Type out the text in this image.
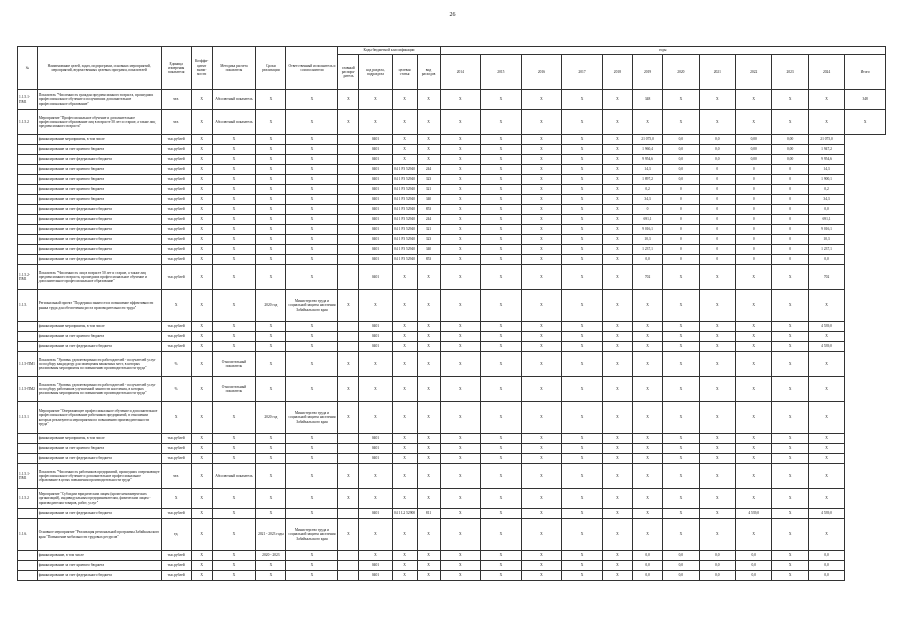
26
№	Наименование целей, задач, подпрограмм, основных мероприятий, мероприятий, ведомственных целевых программ, показателей	Единица измерения показателя	Коэффи-циент значи-мости	Методика расчета показателя	Сроки реализации	Ответственный исполнитель и соисполнители	Коды бюджетной классификации				годы											
							главный распоря-дитель	код раздела, подраздела	целевая статья	вид расходов	2014	2015	2016	2017	2018	2019	2020	2021	2022	2023	2024	Итого
1.1.5.1-ПМ1	Показатель "Численность граждан предпенсионного возраста, прошедших профессиональное обучение и получивших дополнительное профессиональное образование"	чел.	Х	Абсолютный показатель	Х	Х	Х	Х	Х	Х	Х	Х	Х	Х	Х	348	Х	Х	Х	Х	Х	348
1.1.5.2	Мероприятие "Профессиональное обучение и дополнительное профессиональное образование лиц в возрасте 50 лет и старше, а также лиц предпенсионного возраста"	чел.	Х	Абсолютный показатель	Х	Х	Х	Х	Х	Х	Х	Х	Х	Х	Х	Х	Х	Х	Х	Х	Х	Х
	финансирование мероприятия, в том числе	тыс.рублей	Х	Х	Х	Х		0401	Х	Х	Х	Х	Х	Х	Х	21 075,0	0,0	0,0	0,00	0,00	21 075,0	
	финансирование за счет краевого бюджета	тыс.рублей	Х	Х	Х	Х		0401	Х	Х	Х	Х	Х	Х	Х	1 960,4	0,0	0,0	0,00	0,00	1 947,2	
	финансирование за счет федерального бюджета	тыс.рублей	Х	Х	Х	Х		0401	Х	Х	Х	Х	Х	Х	Х	9 954,6	0,0	0,0	0,00	0,00	9 954,6	
	финансирование за счет краевого бюджета	тыс.рублей	Х	Х	Х	Х		0401	04 1 P3 52940	244	Х	Х	Х	Х	Х	14,3	0,0	0	0	0	14,3	
	финансирование за счет краевого бюджета	тыс.рублей	Х	Х	Х	Х		0401	04 1 P3 52940	323	Х	Х	Х	Х	Х	1 897,2	0,0	0	0	0	1 900,1	
	финансирование за счет краевого бюджета	тыс.рублей	Х	Х	Х	Х		0401	04 1 P3 52940	321	Х	Х	Х	Х	Х	0,2	0	0	0	0	0,2	
	финансирование за счет краевого бюджета	тыс.рублей	Х	Х	Х	Х		0401	04 1 P3 52940	340	Х	Х	Х	Х	Х	34,3	0	0	0	0	34,3	
	финансирование за счет федерального бюджета	тыс.рублей	Х	Х	Х	Х		0401	04 1 P3 52940	853	Х	Х	Х	Х	Х	0	0	0	0	0	0,0	
	финансирование за счет федерального бюджета	тыс.рублей	Х	Х	Х	Х		0401	04 1 P3 52940	244	Х	Х	Х	Х	Х	691,1	0	0	0	0	691,1	
	финансирование за счет федерального бюджета	тыс.рублей	Х	Х	Х	Х		0401	04 1 P3 52940	321	Х	Х	Х	Х	Х	9 016,1	0	0	0	0	9 016,1	
	финансирование за счет федерального бюджета	тыс.рублей	Х	Х	Х	Х		0401	04 1 P3 52940	323	Х	Х	Х	Х	Х	10,3	0	0	0	0	10,3	
	финансирование за счет федерального бюджета	тыс.рублей	Х	Х	Х	Х		0401	04 1 P3 52940	340	Х	Х	Х	Х	Х	1 237,1	0	0	0	0	1 237,1	
	финансирование за счет федерального бюджета	тыс.рублей	Х	Х	Х	Х		0401	04 1 P3 52940	853	Х	Х	Х	Х	Х	0,0	0	0	0	0	0,0	
1.1.5.2-ПМ1	Показатель "Численность лиц в возрасте 50 лет и старше, а также лиц предпенсионного возраста, прошедших профессиональное обучение и дополнительное профессиональное образование"	тыс.рублей	Х	Х	Х	Х		0401	Х	Х	Х	Х	Х	Х	Х	702	Х	Х	Х	Х	702	
1.1.5.	Региональный проект "Поддержка занятости и повышение эффективности рынка труда для обеспечения роста производительности труда"	Х	Х	Х	2020 год	Министерство труда и социальной защиты населения Забайкальского края	Х	Х	Х	Х	Х	Х	Х	Х	Х	Х	Х	Х	Х	Х	Х	
	финансирование мероприятия, в том числе	тыс.рублей	Х	Х	Х	Х		0401	Х	Х	Х	Х	Х	Х	Х	Х	Х	Х	Х	Х	4 539,0	
	финансирование за счет краевого бюджета	тыс.рублей	Х	Х	Х	Х		0401	Х	Х	Х	Х	Х	Х	Х	Х	Х	Х	Х	Х	Х	
	финансирование за счет федерального бюджета	тыс.рублей	Х	Х	Х	Х		0401	Х	Х	Х	Х	Х	Х	Х	Х	Х	Х	Х	Х	4 539,0	
1.1.5-ПМ1	Показатель "Уровень удовлетворенности работодателей - получателей услуг по подбору кандидатур для замещения вакантных мест, в которых реализованы мероприятия по повышению производительности труда"	%	Х	Относительный показатель	Х	Х	Х	Х	Х	Х	Х	Х	Х	Х	Х	Х	Х	Х	Х	Х	Х	
1.1.5-ПМ2	Показатель "Уровень удовлетворенности работодателей - получателей услуг по подбору работников улучшенной занятости населения, в которых реализованы мероприятия по повышению производительности труда"	%	Х	Относительный показатель	Х	Х	Х	Х	Х	Х	Х	Х	Х	Х	Х	Х	Х	Х	Х	Х	Х	
1.1.5.1	Мероприятие "Опережающее профессиональное обучение и дополнительное профессиональное образование работников предприятий, в отношении которых реализуются мероприятия по повышению производительности труда"	Х	Х	Х	2020 год	Министерство труда и социальной защиты населения Забайкальского края	Х	Х	Х	Х	Х	Х	Х	Х	Х	Х	Х	Х	Х	Х	Х	
	финансирование мероприятия, в том числе	тыс.рублей	Х	Х	Х	Х		0401	Х	Х	Х	Х	Х	Х	Х	Х	Х	Х	Х	Х	Х	
	финансирование за счет краевого бюджета	тыс.рублей	Х	Х	Х	Х		0401	Х	Х	Х	Х	Х	Х	Х	Х	Х	Х	Х	Х	Х	
	финансирование за счет федерального бюджета	тыс.рублей	Х	Х	Х	Х		0401	Х	Х	Х	Х	Х	Х	Х	Х	Х	Х	Х	Х	Х	
1.1.5.1-ПМ1	Показатель "Численность работников предприятий, прошедших опережающее профессиональное обучение и дополнительное профессиональное образование в целях повышения производительности труда"	чел.	Х	Абсолютный показатель	Х	Х	Х	Х	Х	Х	Х	Х	Х	Х	Х	Х	Х	Х	Х	Х	Х	
1.1.5.2	Мероприятие "Субсидии юридическим лицам (кроме некоммерческих организаций), индивидуальным предпринимателям, физическим лицам - производителям товаров, работ, услуг"	Х	Х	Х	Х	Х	Х	Х	Х	Х	Х	Х	Х	Х	Х	Х	Х	Х	Х	Х	Х	
	финансирование за счет федерального бюджета	тыс.рублей	Х	Х	Х	Х		0401	04 1 L2 52900	811	Х	Х	Х	Х	Х	Х	Х	Х	4 539,0	Х	4 539,0	
1.1.6.	Основное мероприятие "Реализация региональной программы Забайкальского края "Повышение мобильности трудовых ресурсов"	ед.	Х	Х	2021 - 2023 годы	Министерство труда и социальной защиты населения Забайкальского края	Х	Х	Х	Х	Х	Х	Х	Х	Х	Х	Х	Х	Х	Х	Х	
	финансирование, в том числе	тыс.рублей	Х	Х	2020 - 2023	Х		Х	Х	Х	Х	Х	Х	Х	Х	0,0	0,0	0,0	0,0	Х	0,0	
	финансирование за счет краевого бюджета	тыс.рублей	Х	Х	Х	Х		0401	Х	Х	Х	Х	Х	Х	Х	0,0	0,0	0,0	0,0	Х	0,0	
	финансирование за счет федерального бюджета	тыс.рублей	Х	Х	Х	Х		0401	Х	Х	Х	Х	Х	Х	Х	0,0	0,0	0,0	0,0	Х	0,0	
